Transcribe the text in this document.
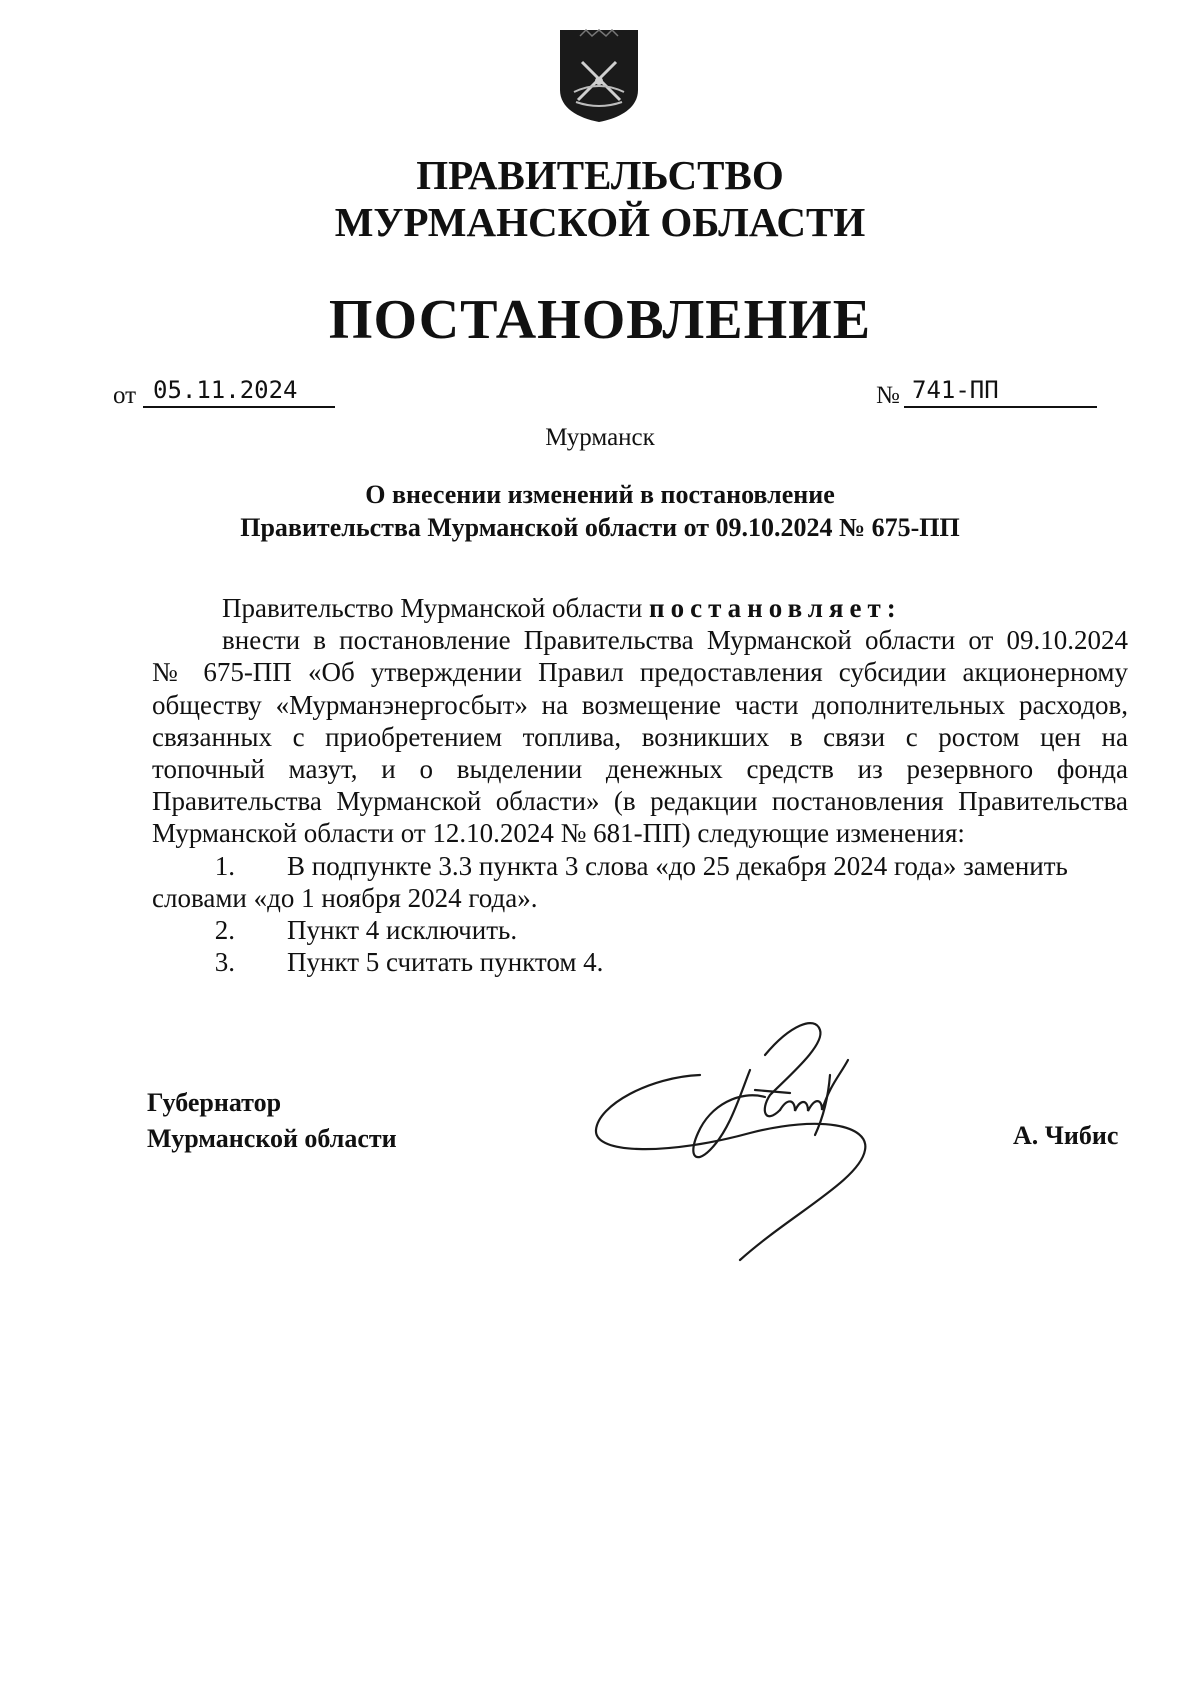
ПРАВИТЕЛЬСТВО
МУРМАНСКОЙ ОБЛАСТИ
ПОСТАНОВЛЕНИЕ
от 05.11.2024	№ 741-ПП
Мурманск
О внесении изменений в постановление
Правительства Мурманской области от 09.10.2024 № 675-ПП

Правительство Мурманской области постановляет:

внести в постановление Правительства Мурманской области от 09.10.2024

№ 675-ПП «Об утверждении Правил предоставления субсидии акционерному

обществу «Мурманэнергосбыт» на возмещение части дополнительных расходов,

связанных с приобретением топлива, возникших в связи с ростом цен на

топочный мазут, и о выделении денежных средств из резервного фонда

Правительства Мурманской области» (в редакции постановления Правительства

Мурманской области от 12.10.2024 № 681-ПП) следующие изменения:

1. В подпункте 3.3 пункта 3 слова «до 25 декабря 2024 года» заменить

словами «до 1 ноября 2024 года».

2. Пункт 4 исключить.

3. Пункт 5 считать пунктом 4.

Губернатор
Мурманской области	А. Чибис
